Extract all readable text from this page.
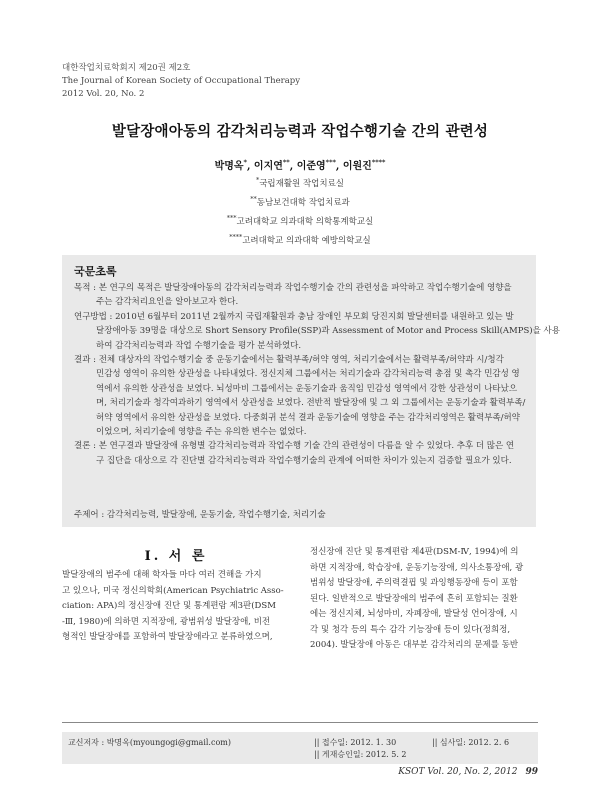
대한작업치료학회지 제20권 제2호
The Journal of Korean Society of Occupational Therapy
2012 Vol. 20, No. 2
발달장애아동의 감각처리능력과 작업수행기술 간의 관련성
박명옥*, 이지연**, 이준영***, 이원진****
*국립재활원 작업치료실
**동남보건대학 작업치료과
***고려대학교 의과대학 의학통계학교실
****고려대학교 의과대학 예방의학교실
국문초록
목적 : 본 연구의 목적은 발달장애아동의 감각처리능력과 작업수행기술 간의 관련성을 파악하고 작업수행기술에 영향을
주는 감각처리요인을 알아보고자 한다.
연구방법 : 2010년 6월부터 2011년 2월까지 국립재활원과 충남 장애인 부모회 당진지회 발달센터를 내원하고 있는 발
달장애아동 39명을 대상으로 Short Sensory Profile(SSP)과 Assessment of Motor and Process Skill(AMPS)을 사용
하여 감각처리능력과 작업 수행기술을 평가 분석하였다.
결과 : 전체 대상자의 작업수행기술 중 운동기술에서는 활력부족/허약 영역, 처리기술에서는 활력부족/허약과 시/청각
민감성 영역이 유의한 상관성을 나타내었다. 정신지체 그룹에서는 처리기술과 감각처리능력 총점 및 촉각 민감성 영
역에서 유의한 상관성을 보였다. 뇌성마비 그룹에서는 운동기술과 움직임 민감성 영역에서 강한 상관성이 나타났으
며, 처리기술과 청각여과하기 영역에서 상관성을 보였다. 전반적 발달장애 및 그 외 그룹에서는 운동기술과 활력부족/
허약 영역에서 유의한 상관성을 보였다. 다중회귀 분석 결과 운동기술에 영향을 주는 감각처리영역은 활력부족/허약
이었으며, 처리기술에 영향을 주는 유의한 변수는 없었다.
결론 : 본 연구결과 발달장애 유형별 감각처리능력과 작업수행 기술 간의 관련성이 다름을 알 수 있었다. 추후 더 많은 연
구 집단을 대상으로 각 진단별 감각처리능력과 작업수행기술의 관계에 어떠한 차이가 있는지 검증할 필요가 있다.
주제어 : 감각처리능력, 발달장애, 운동기술, 작업수행기술, 처리기술
Ⅰ. 서 론
발달장애의 범주에 대해 학자들 마다 여러 견해을 가지
고 있으나, 미국 정신의학회(American Psychiatric Asso-
ciation: APA)의 정신장애 진단 및 통계편람 제3판(DSM
-Ⅲ, 1980)에 의하면 지적장애, 광범위성 발달장애, 비전
형적인 발달장애를 포함하여 발달장애라고 분류하였으며,
정신장애 진단 및 통계편람 제4판(DSM-Ⅳ, 1994)에 의
하면 지적장애, 학습장애, 운동기능장애, 의사소통장애, 광
범위성 발달장애, 주의력결핍 및 과잉행동장애 등이 포함
된다. 일반적으로 발달장애의 범주에 흔히 포함되는 질환
에는 정신지체, 뇌성마비, 자폐장애, 발달성 언어장애, 시
각 및 청각 등의 특수 감각 기능장애 등이 있다(정희정,
2004). 발달장애 아동은 대부분 감각처리의 문제를 동반
교신저자 : 박명옥(myoungogi@gmail.com)	|| 접수일: 2012. 1. 30
|| 게재승인일: 2012. 5. 2
|| 심사일: 2012. 2. 6
KSOT Vol. 20, No. 2, 2012 99
